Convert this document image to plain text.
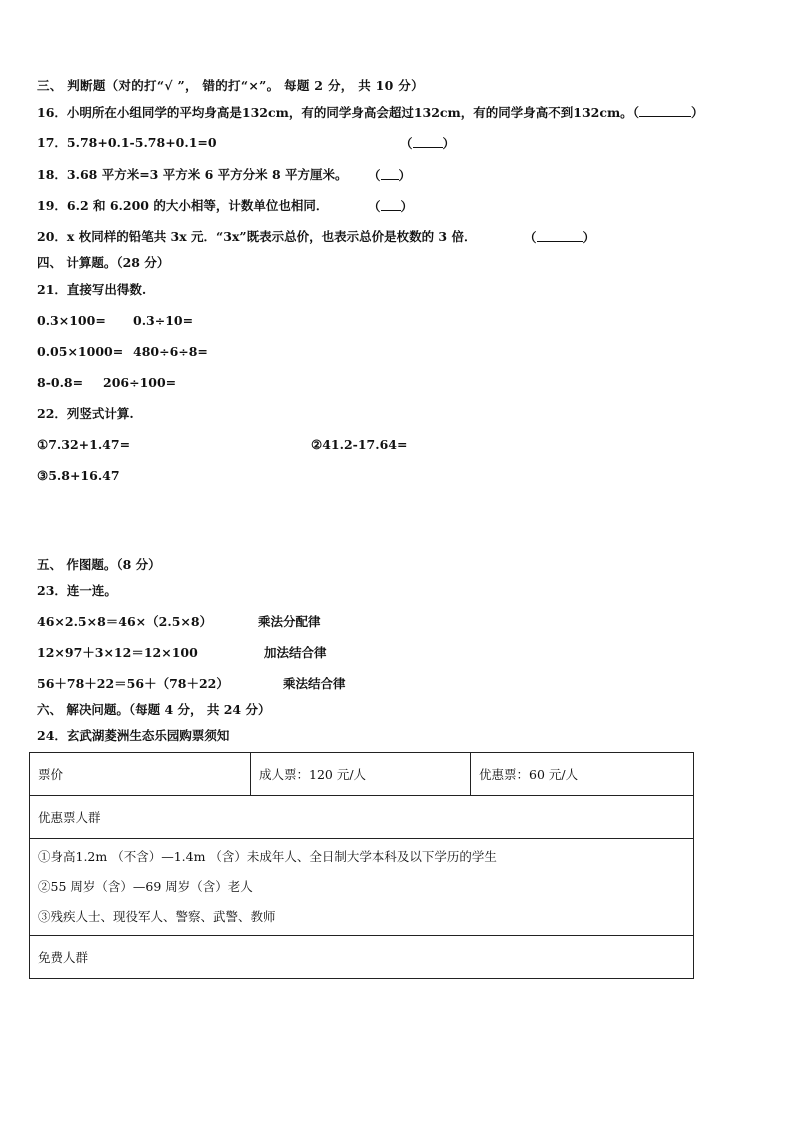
三、 判断题（对的打“√ ”， 错的打“×”。 每题 2 分， 共 10 分）
16．小明所在小组同学的平均身高是132cm，有的同学身高会超过132cm，有的同学身高不到132cm。（	）
17．5.78+0.1-5.78+0.1=0	（ ）
18．3.68 平方米=3 平方米 6 平方分米 8 平方厘米。 （ ）
19．6.2 和 6.200 的大小相等，计数单位也相同．	（ ）
20．x 枚同样的铅笔共 3x 元．“3x”既表示总价，也表示总价是枚数的 3 倍．	（	）
四、 计算题。（28 分）
21．直接写出得数.
0.3×100= 0.3÷10=
0.05×1000= 480÷6÷8=
8-0.8= 206÷100=
22．列竖式计算.
①7.32+1.47=	②41.2-17.64=
③5.8+16.47
五、 作图题。（8 分）
23．连一连。
46×2.5×8＝46×（2.5×8）	乘法分配律
12×97＋3×12＝12×100	加法结合律
56＋78＋22＝56＋（78＋22）	乘法结合律
六、 解决问题。（每题 4 分， 共 24 分）
24．玄武湖菱洲生态乐园购票须知
票价	成人票：120 元/人	优惠票：60 元/人
优惠票人群

①身高1.2m （不含）—1.4m （含）未成年人、全日制大学本科及以下学历的学生
②55 周岁（含）—69 周岁（含）老人
③残疾人士、现役军人、警察、武警、教师

免费人群
